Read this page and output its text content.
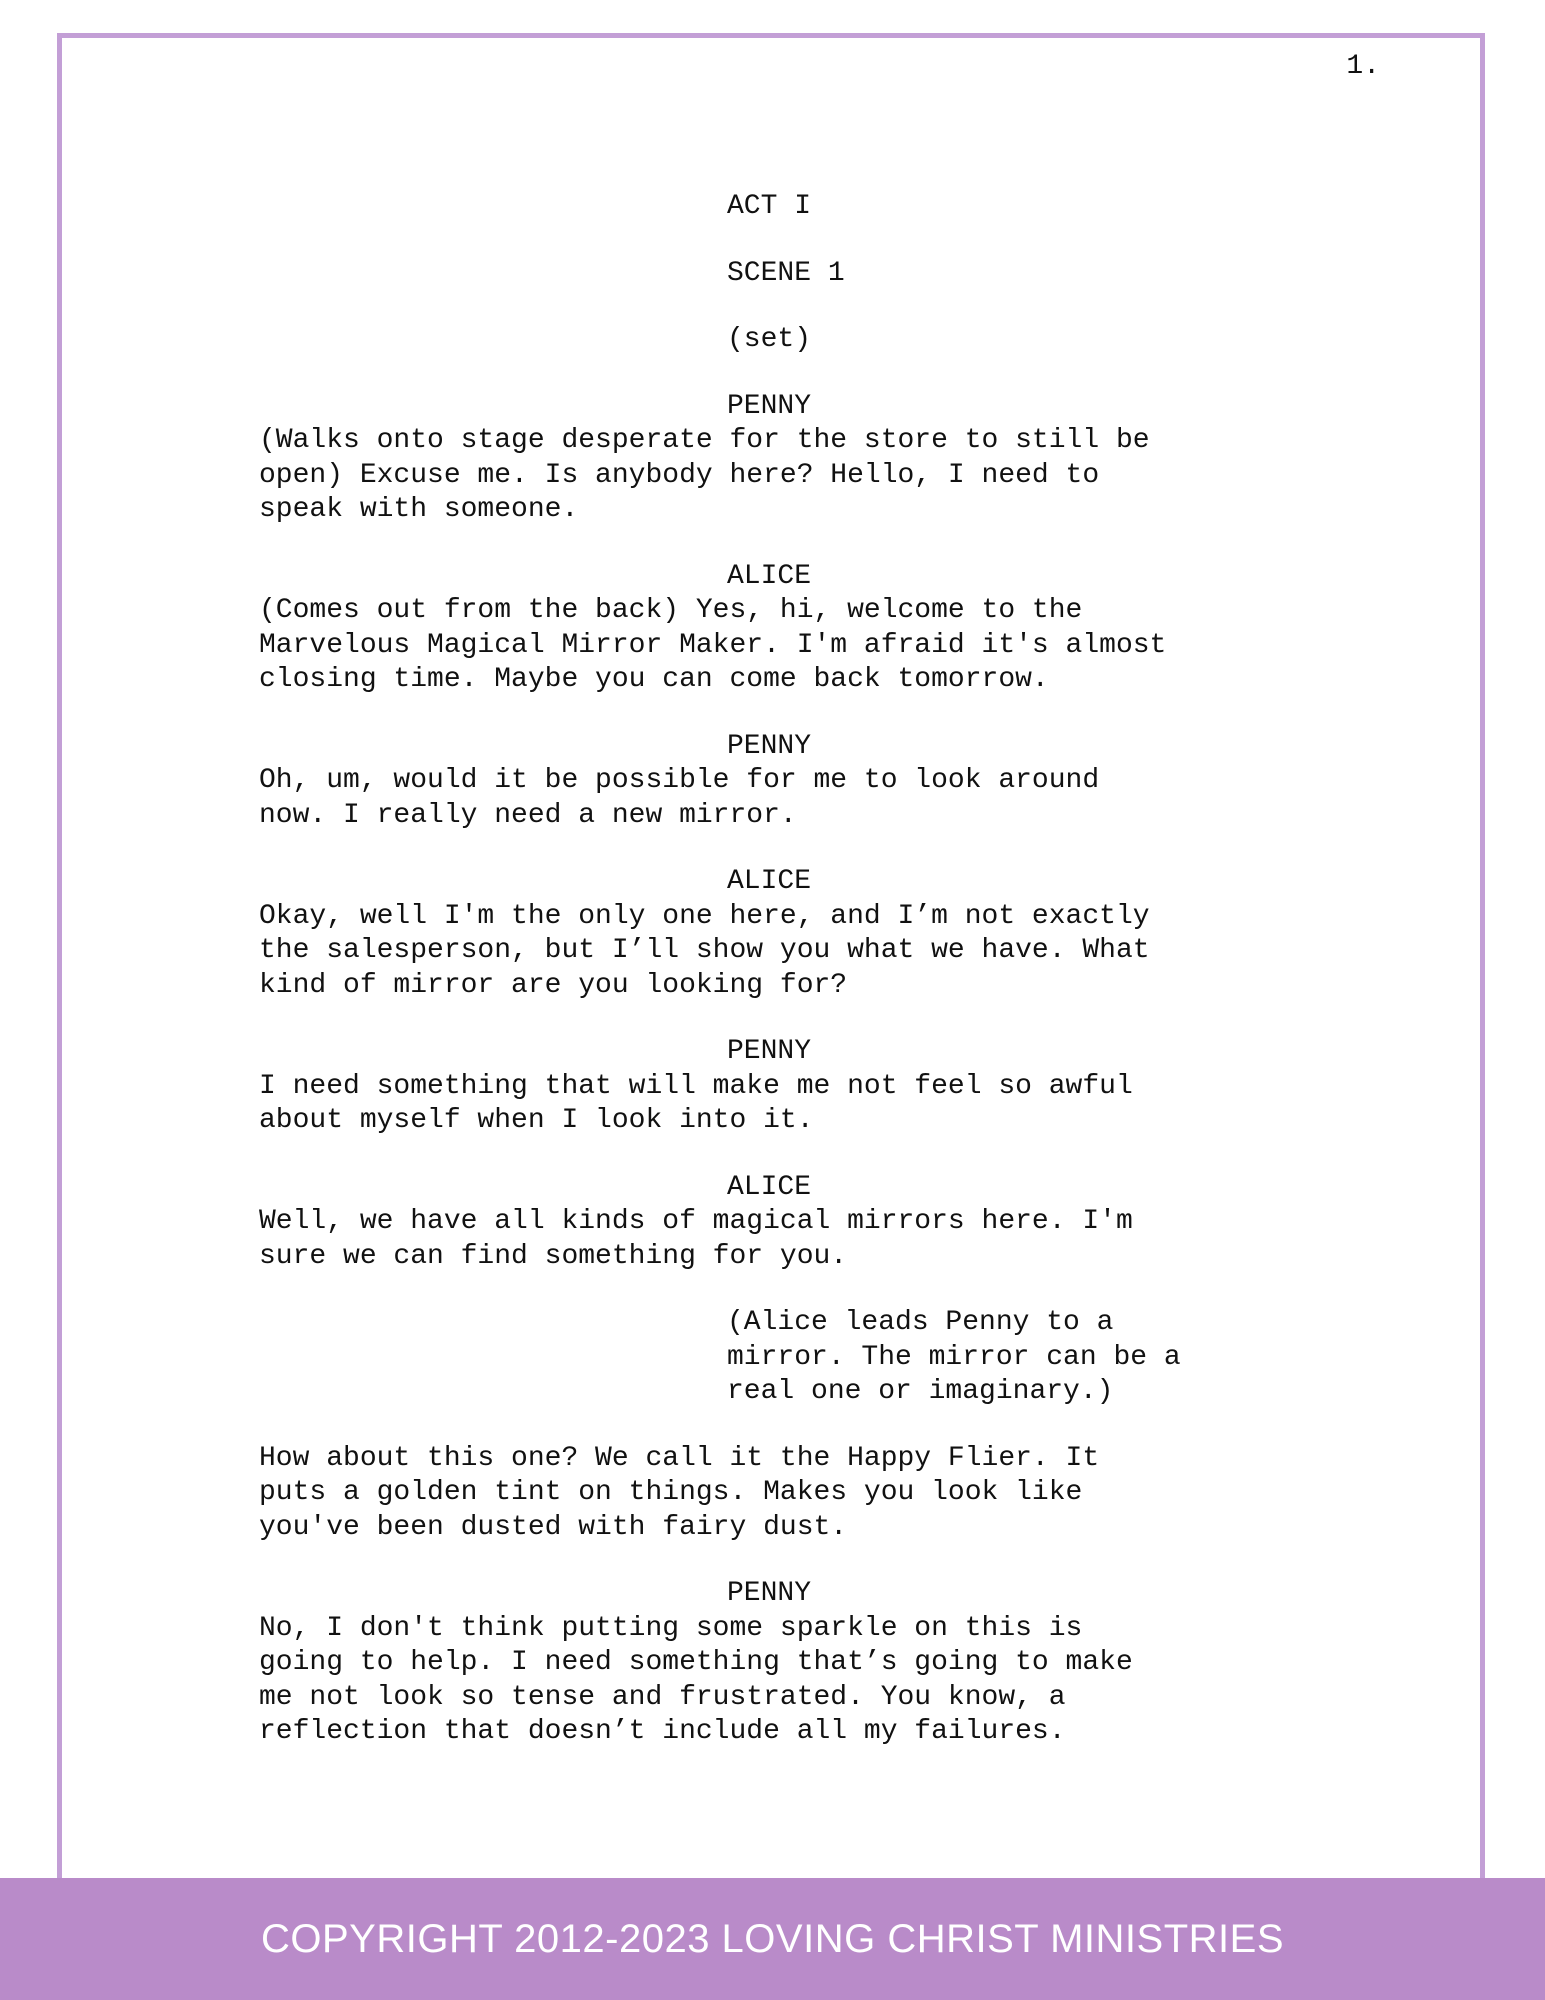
1.

ACT I

SCENE 1

(set)

PENNY

(Walks onto stage desperate for the store to still be
open) Excuse me. Is anybody here? Hello, I need to
speak with someone.

ALICE

(Comes out from the back) Yes, hi, welcome to the
Marvelous Magical Mirror Maker. I'm afraid it's almost
closing time. Maybe you can come back tomorrow.

PENNY

Oh, um, would it be possible for me to look around
now. I really need a new mirror.

ALICE

Okay, well I'm the only one here, and I’m not exactly
the salesperson, but I’ll show you what we have. What
kind of mirror are you looking for?

PENNY

I need something that will make me not feel so awful
about myself when I look into it.

ALICE

Well, we have all kinds of magical mirrors here. I'm
sure we can find something for you.

(Alice leads Penny to a
mirror. The mirror can be a
real one or imaginary.)

How about this one? We call it the Happy Flier. It
puts a golden tint on things. Makes you look like
you've been dusted with fairy dust.

PENNY

No, I don't think putting some sparkle on this is
going to help. I need something that’s going to make
me not look so tense and frustrated. You know, a
reflection that doesn’t include all my failures.

COPYRIGHT 2012-2023 LOVING CHRIST MINISTRIES
